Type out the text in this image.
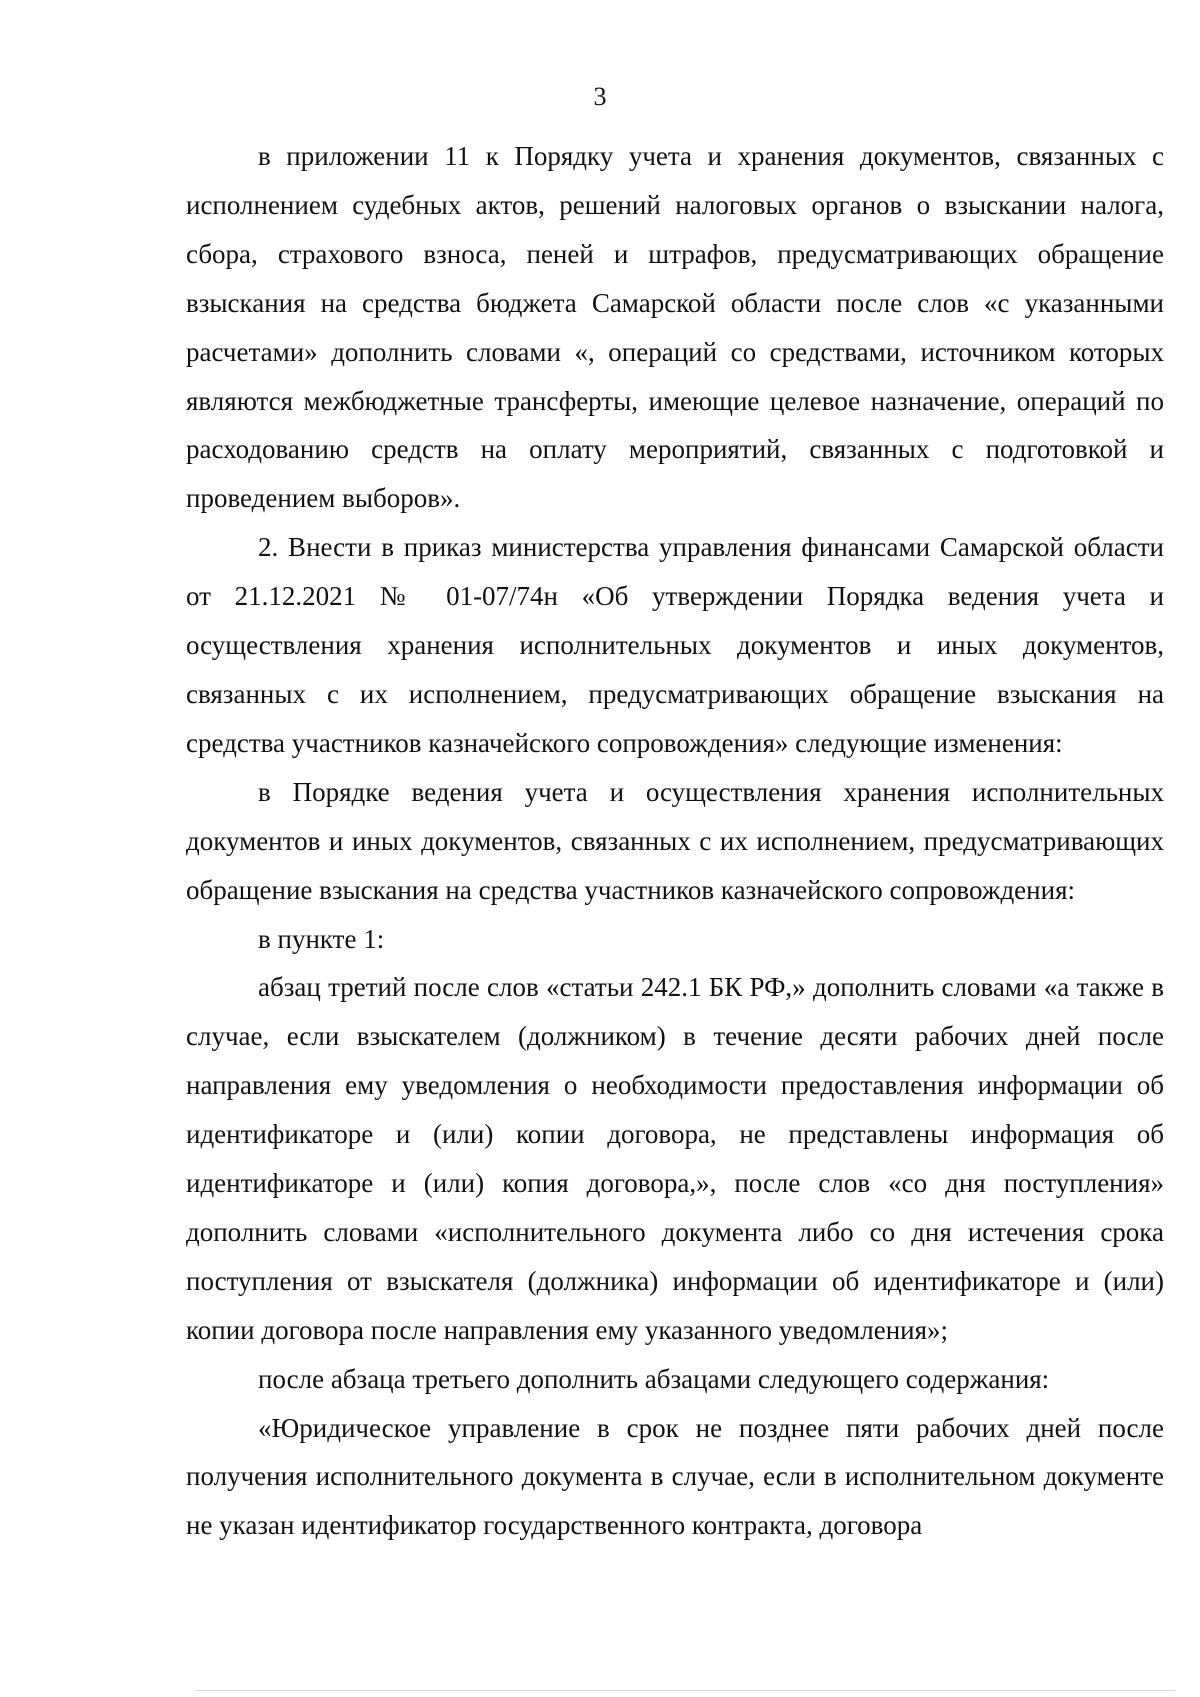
3

в приложении 11 к Порядку учета и хранения документов, связанных с исполнением судебных актов, решений налоговых органов о взыскании налога, сбора, страхового взноса, пеней и штрафов, предусматривающих обращение взыскания на средства бюджета Самарской области после слов «с указанными расчетами» дополнить словами «, операций со средствами, источником которых являются межбюджетные трансферты, имеющие целевое назначение, операций по расходованию средств на оплату мероприятий, связанных с подготовкой и проведением выборов».

2. Внести в приказ министерства управления финансами Самарской области от 21.12.2021 № 01-07/74н «Об утверждении Порядка ведения учета и осуществления хранения исполнительных документов и иных документов, связанных с их исполнением, предусматривающих обращение взыскания на средства участников казначейского сопровождения» следующие изменения:

в Порядке ведения учета и осуществления хранения исполнительных документов и иных документов, связанных с их исполнением, предусматривающих обращение взыскания на средства участников казначейского сопровождения:

в пункте 1:

абзац третий после слов «статьи 242.1 БК РФ,» дополнить словами «а также в случае, если взыскателем (должником) в течение десяти рабочих дней после направления ему уведомления о необходимости предоставления информации об идентификаторе и (или) копии договора, не представлены информация об идентификаторе и (или) копия договора,», после слов «со дня поступления» дополнить словами «исполнительного документа либо со дня истечения срока поступления от взыскателя (должника) информации об идентификаторе и (или) копии договора после направления ему указанного уведомления»;

после абзаца третьего дополнить абзацами следующего содержания:

«Юридическое управление в срок не позднее пяти рабочих дней после получения исполнительного документа в случае, если в исполнительном документе не указан идентификатор государственного контракта, договора
